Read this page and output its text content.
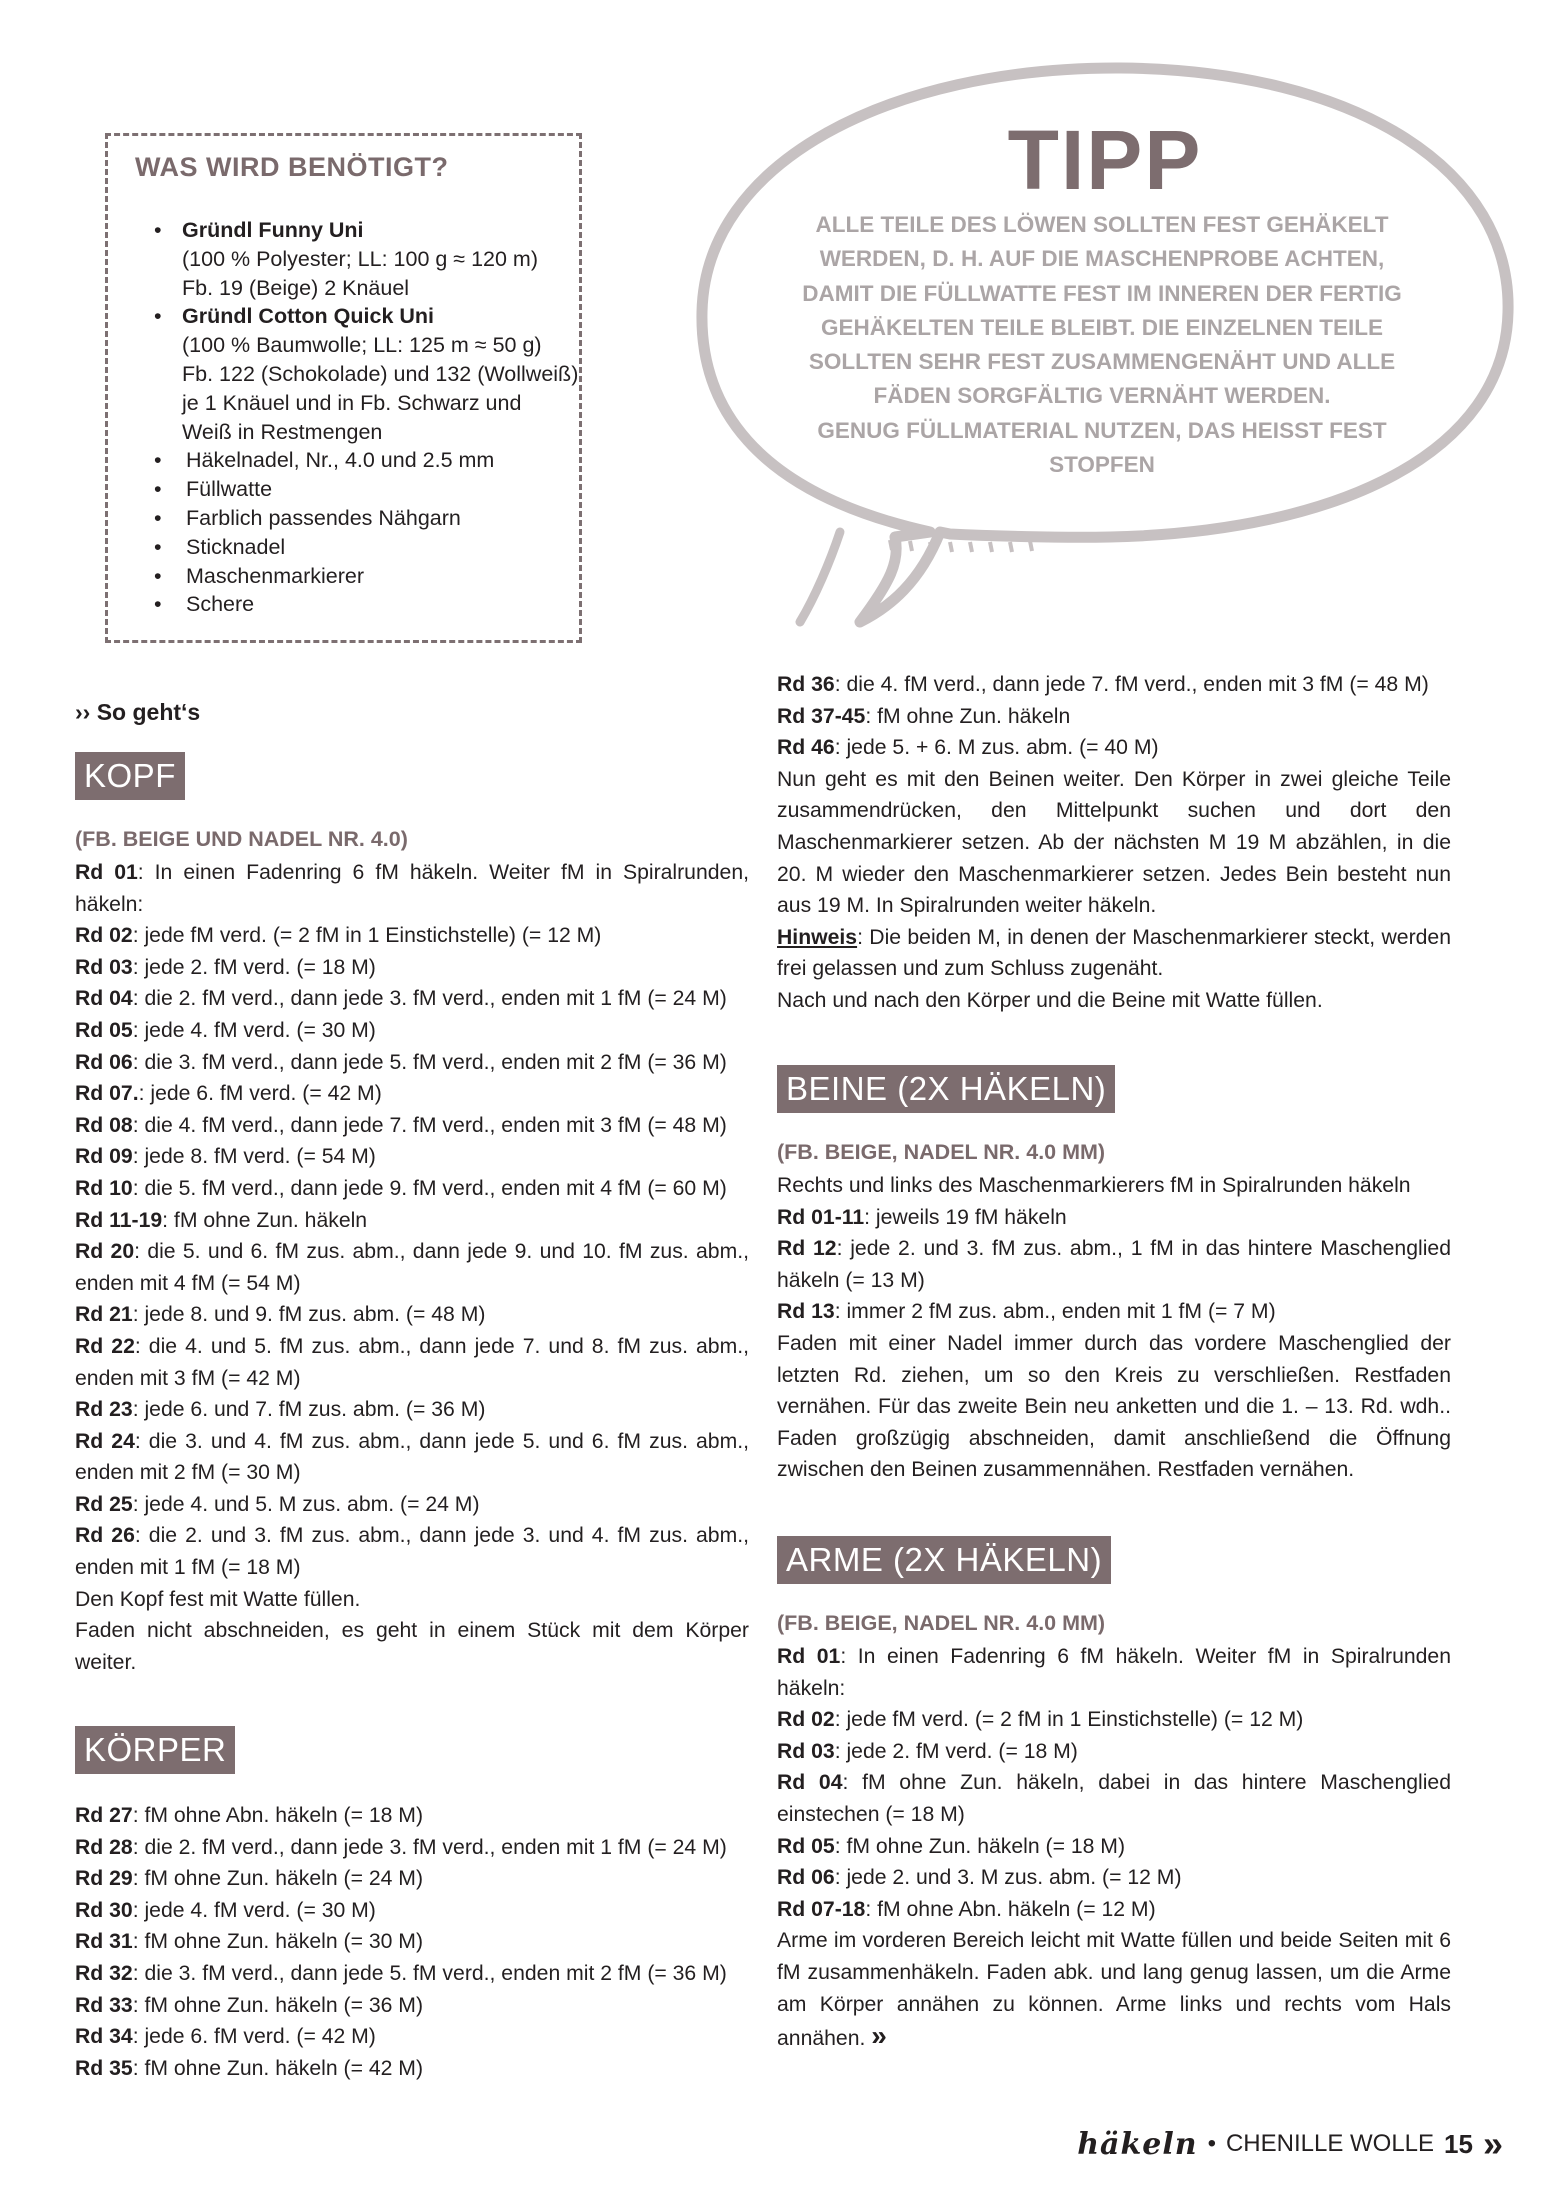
WAS WIRD BENÖTIGT?
• Gründl Funny Uni
(100 % Polyester; LL: 100 g ≈ 120 m)
Fb. 19 (Beige) 2 Knäuel
• Gründl Cotton Quick Uni
(100 % Baumwolle; LL: 125 m ≈ 50 g)
Fb. 122 (Schokolade) und 132 (Wollweiß)
je 1 Knäuel und in Fb. Schwarz und
Weiß in Restmengen
• Häkelnadel, Nr., 4.0 und 2.5 mm
• Füllwatte
• Farblich passendes Nähgarn
• Sticknadel
• Maschenmarkierer
• Schere
TIPP
ALLE TEILE DES LÖWEN SOLLTEN FEST GEHÄKELT
WERDEN, D. H. AUF DIE MASCHENPROBE ACHTEN,
DAMIT DIE FÜLLWATTE FEST IM INNEREN DER FERTIG
GEHÄKELTEN TEILE BLEIBT. DIE EINZELNEN TEILE
SOLLTEN SEHR FEST ZUSAMMENGENÄHT UND ALLE
FÄDEN SORGFÄLTIG VERNÄHT WERDEN.
GENUG FÜLLMATERIAL NUTZEN, DAS HEISST FEST
STOPFEN
›› So geht‘s
KOPF
(FB. BEIGE UND NADEL NR. 4.0)

Rd 01: In einen Fadenring 6 fM häkeln. Weiter fM in Spiralrunden, häkeln:

Rd 02: jede fM verd. (= 2 fM in 1 Einstichstelle) (= 12 M)

Rd 03: jede 2. fM verd. (= 18 M)

Rd 04: die 2. fM verd., dann jede 3. fM verd., enden mit 1 fM (= 24 M)

Rd 05: jede 4. fM verd. (= 30 M)

Rd 06: die 3. fM verd., dann jede 5. fM verd., enden mit 2 fM (= 36 M)

Rd 07.: jede 6. fM verd. (= 42 M)

Rd 08: die 4. fM verd., dann jede 7. fM verd., enden mit 3 fM (= 48 M)

Rd 09: jede 8. fM verd. (= 54 M)

Rd 10: die 5. fM verd., dann jede 9. fM verd., enden mit 4 fM (= 60 M)

Rd 11-19: fM ohne Zun. häkeln

Rd 20: die 5. und 6. fM zus. abm., dann jede 9. und 10. fM zus. abm., enden mit 4 fM (= 54 M)

Rd 21: jede 8. und 9. fM zus. abm. (= 48 M)

Rd 22: die 4. und 5. fM zus. abm., dann jede 7. und 8. fM zus. abm., enden mit 3 fM (= 42 M)

Rd 23: jede 6. und 7. fM zus. abm. (= 36 M)

Rd 24: die 3. und 4. fM zus. abm., dann jede 5. und 6. fM zus. abm., enden mit 2 fM (= 30 M)

Rd 25: jede 4. und 5. M zus. abm. (= 24 M)

Rd 26: die 2. und 3. fM zus. abm., dann jede 3. und 4. fM zus. abm., enden mit 1 fM (= 18 M)

Den Kopf fest mit Watte füllen.

Faden nicht abschneiden, es geht in einem Stück mit dem Körper weiter.

KÖRPER

Rd 27: fM ohne Abn. häkeln (= 18 M)

Rd 28: die 2. fM verd., dann jede 3. fM verd., enden mit 1 fM (= 24 M)

Rd 29: fM ohne Zun. häkeln (= 24 M)

Rd 30: jede 4. fM verd. (= 30 M)

Rd 31: fM ohne Zun. häkeln (= 30 M)

Rd 32: die 3. fM verd., dann jede 5. fM verd., enden mit 2 fM (= 36 M)

Rd 33: fM ohne Zun. häkeln (= 36 M)

Rd 34: jede 6. fM verd. (= 42 M)

Rd 35: fM ohne Zun. häkeln (= 42 M)

Rd 36: die 4. fM verd., dann jede 7. fM verd., enden mit 3 fM (= 48 M)

Rd 37-45: fM ohne Zun. häkeln

Rd 46: jede 5. + 6. M zus. abm. (= 40 M)

Nun geht es mit den Beinen weiter. Den Körper in zwei gleiche Teile zusammendrücken, den Mittelpunkt suchen und dort den Maschenmarkierer setzen. Ab der nächsten M 19 M abzählen, in die 20. M wieder den Maschenmarkierer setzen. Jedes Bein besteht nun aus 19 M. In Spiralrunden weiter häkeln.

Hinweis: Die beiden M, in denen der Maschenmarkierer steckt, werden frei gelassen und zum Schluss zugenäht.

Nach und nach den Körper und die Beine mit Watte füllen.

BEINE (2X HÄKELN)
(FB. BEIGE, NADEL NR. 4.0 MM)

Rechts und links des Maschenmarkierers fM in Spiralrunden häkeln

Rd 01-11: jeweils 19 fM häkeln

Rd 12: jede 2. und 3. fM zus. abm., 1 fM in das hintere Maschenglied häkeln (= 13 M)

Rd 13: immer 2 fM zus. abm., enden mit 1 fM (= 7 M)

Faden mit einer Nadel immer durch das vordere Maschenglied der letzten Rd. ziehen, um so den Kreis zu verschließen. Restfaden vernähen. Für das zweite Bein neu anketten und die 1. – 13. Rd. wdh.. Faden großzügig abschneiden, damit anschließend die Öffnung zwischen den Beinen zusammennähen. Restfaden vernähen.

ARME (2X HÄKELN)
(FB. BEIGE, NADEL NR. 4.0 MM)

Rd 01: In einen Fadenring 6 fM häkeln. Weiter fM in Spiralrunden häkeln:

Rd 02: jede fM verd. (= 2 fM in 1 Einstichstelle) (= 12 M)

Rd 03: jede 2. fM verd. (= 18 M)

Rd 04: fM ohne Zun. häkeln, dabei in das hintere Maschenglied einstechen (= 18 M)

Rd 05: fM ohne Zun. häkeln (= 18 M)

Rd 06: jede 2. und 3. M zus. abm. (= 12 M)

Rd 07-18: fM ohne Abn. häkeln (= 12 M)

Arme im vorderen Bereich leicht mit Watte füllen und beide Seiten mit 6 fM zusammenhäkeln. Faden abk. und lang genug lassen, um die Arme am Körper annähen zu können. Arme links und rechts vom Hals annähen. »

häkeln • CHENILLE WOLLE 15 »
